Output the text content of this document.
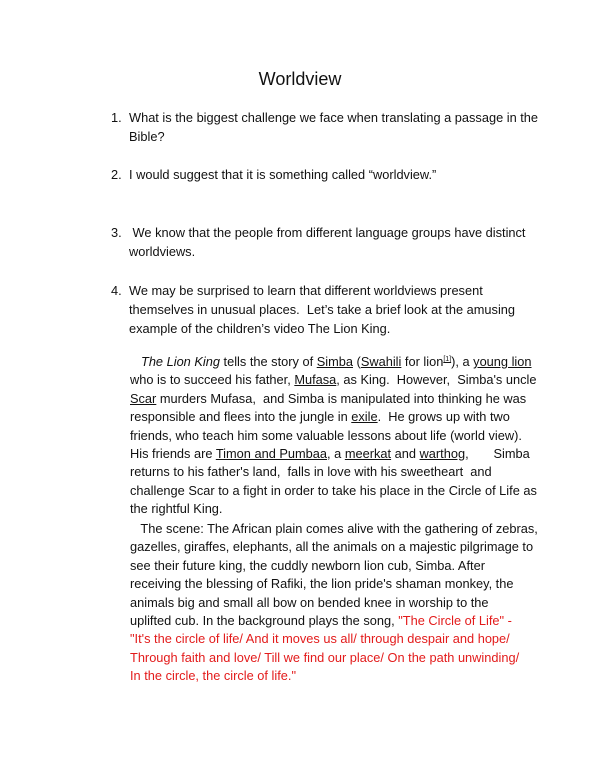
Worldview
1. What is the biggest challenge we face when translating a passage in the
Bible?
2. I would suggest that it is something called “worldview.”
3. We know that the people from different language groups have distinct
worldviews.
4. We may be surprised to learn that different worldviews present
themselves in unusual places.  Let’s take a brief look at the amusing
example of the children’s video The Lion King.
The Lion King tells the story of Simba (Swahili for lion[1]), a young lion
who is to succeed his father, Mufasa, as King.  However,  Simba's uncle
Scar murders Mufasa,  and Simba is manipulated into thinking he was
responsible and flees into the jungle in exile.  He grows up with two
friends, who teach him some valuable lessons about life (world view).
His friends are Timon and Pumbaa, a meerkat and warthog,       Simba
returns to his father's land,  falls in love with his sweetheart  and
challenge Scar to a fight in order to take his place in the Circle of Life as
the rightful King.
The scene: The African plain comes alive with the gathering of zebras,
gazelles, giraffes, elephants, all the animals on a majestic pilgrimage to
see their future king, the cuddly newborn lion cub, Simba. After
receiving the blessing of Rafiki, the lion pride's shaman monkey, the
animals big and small all bow on bended knee in worship to the
uplifted cub. In the background plays the song, "The Circle of Life" -
"It's the circle of life/ And it moves us all/ through despair and hope/
Through faith and love/ Till we find our place/ On the path unwinding/
In the circle, the circle of life."
